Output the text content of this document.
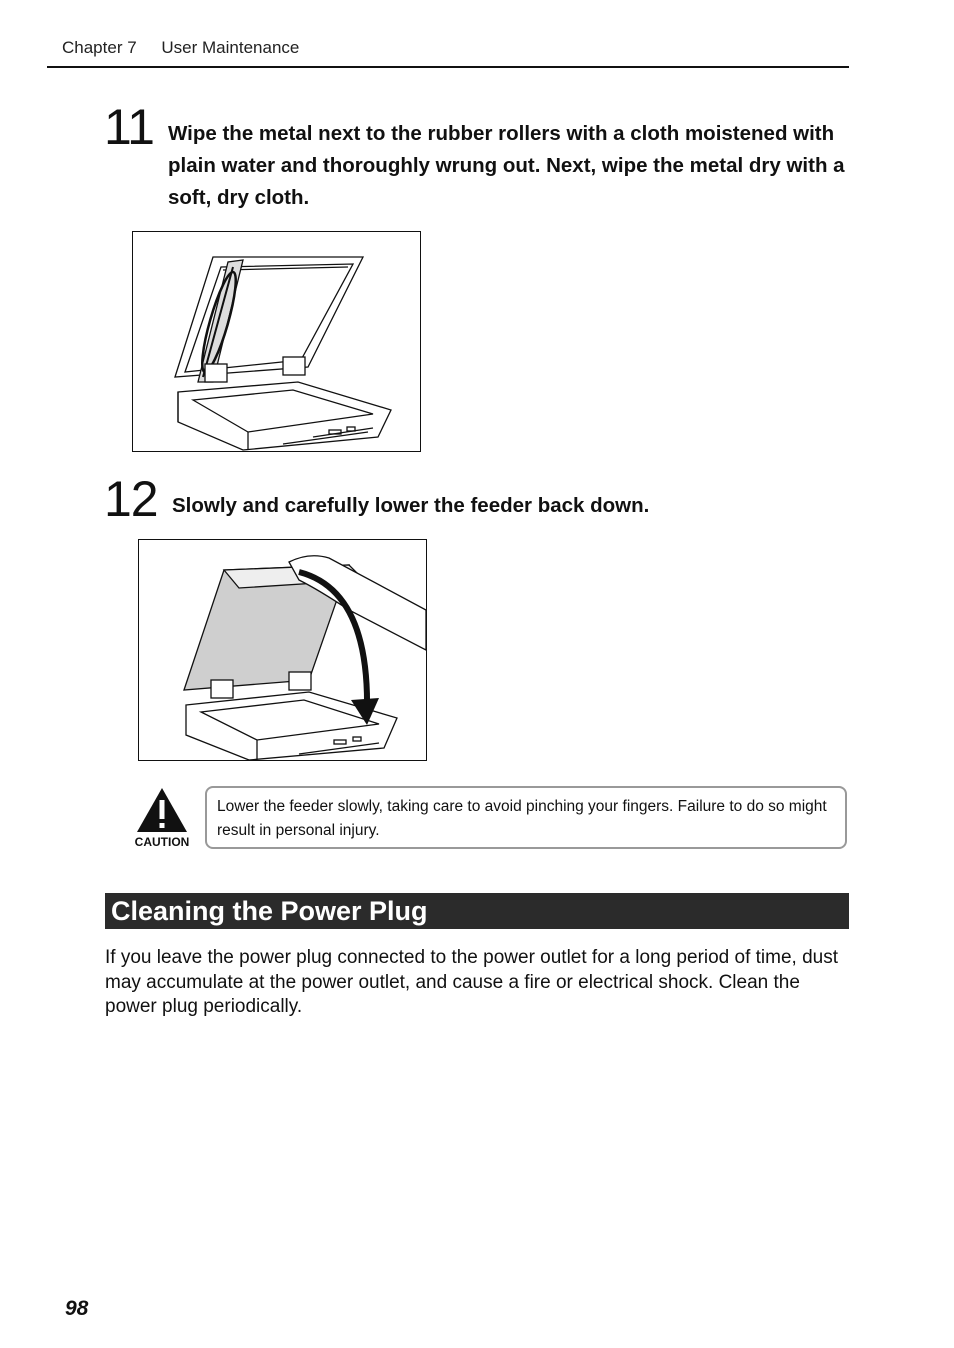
Chapter 7 User Maintenance
11 Wipe the metal next to the rubber rollers with a cloth moistened with plain water and thoroughly wrung out. Next, wipe the metal dry with a soft, dry cloth.
12 Slowly and carefully lower the feeder back down.
CAUTION
Lower the feeder slowly, taking care to avoid pinching your fingers. Failure to do so might result in personal injury.
Cleaning the Power Plug
If you leave the power plug connected to the power outlet for a long period of time, dust may accumulate at the power outlet, and cause a fire or electrical shock. Clean the power plug periodically.
98
